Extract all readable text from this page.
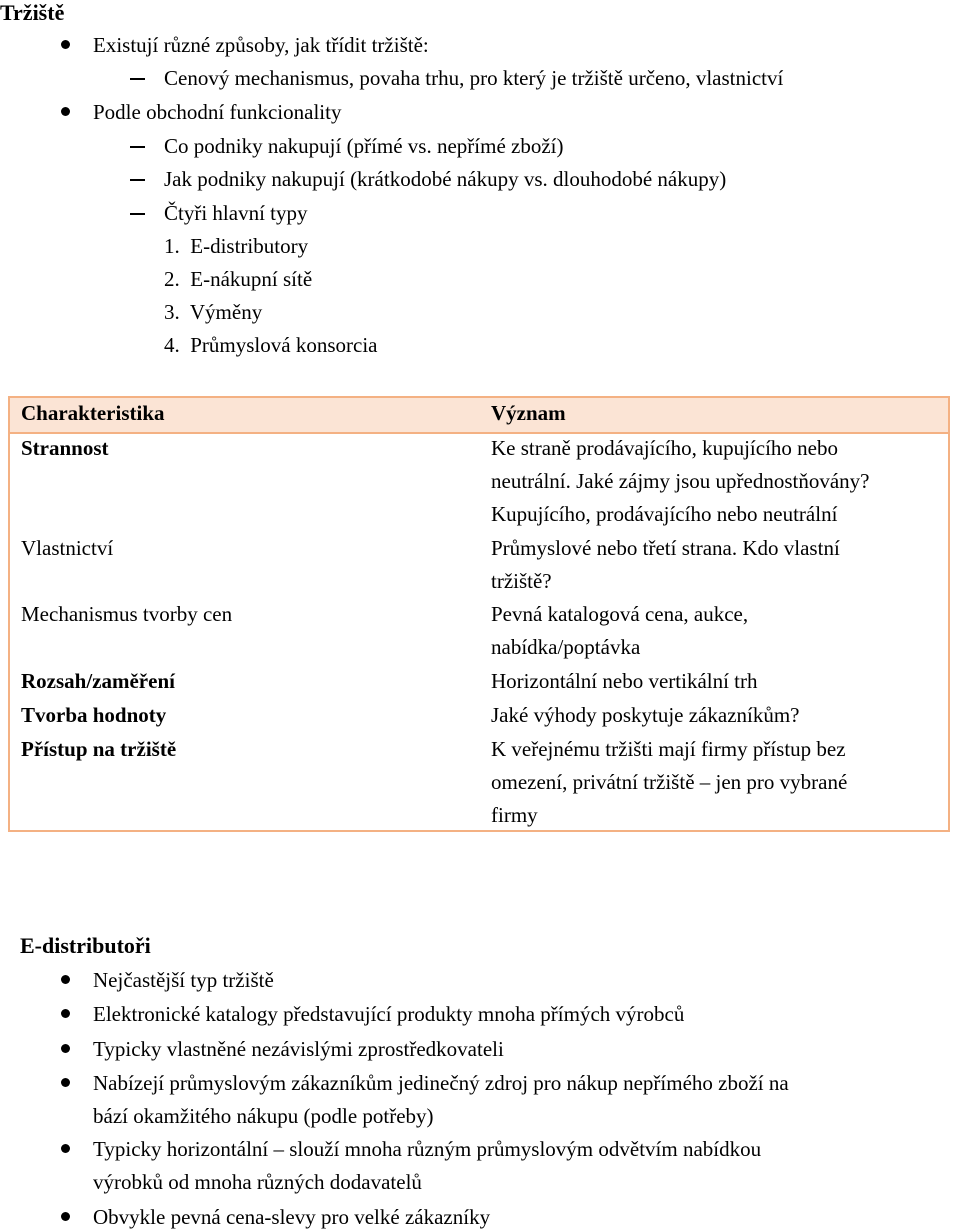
Tržiště
Existují různé způsoby, jak třídit tržiště:
Cenový mechanismus, povaha trhu, pro který je tržiště určeno, vlastnictví
Podle obchodní funkcionality
Co podniky nakupují (přímé vs. nepřímé zboží)
Jak podniky nakupují (krátkodobé nákupy vs. dlouhodobé nákupy)
Čtyři hlavní typy
1.  E-distributory
2.  E-nákupní sítě
3.  Výměny
4.  Průmyslová konsorcia
Charakteristika	Význam
Strannost	Ke straně prodávajícího, kupujícího nebo
neutrální. Jaké zájmy jsou upřednostňovány?
Kupujícího, prodávajícího nebo neutrální
Vlastnictví	Průmyslové nebo třetí strana. Kdo vlastní
tržiště?
Mechanismus tvorby cen	Pevná katalogová cena, aukce,
nabídka/poptávka
Rozsah/zaměření	Horizontální nebo vertikální trh
Tvorba hodnoty	Jaké výhody poskytuje zákazníkům?
Přístup na tržiště	K veřejnému tržišti mají firmy přístup bez
omezení, privátní tržiště – jen pro vybrané
firmy
E-distributoři
Nejčastější typ tržiště
Elektronické katalogy představující produkty mnoha přímých výrobců
Typicky vlastněné nezávislými zprostředkovateli
Nabízejí průmyslovým zákazníkům jedinečný zdroj pro nákup nepřímého zboží na
bází okamžitého nákupu (podle potřeby)
Typicky horizontální – slouží mnoha různým průmyslovým odvětvím nabídkou
výrobků od mnoha různých dodavatelů
Obvykle pevná cena-slevy pro velké zákazníky
